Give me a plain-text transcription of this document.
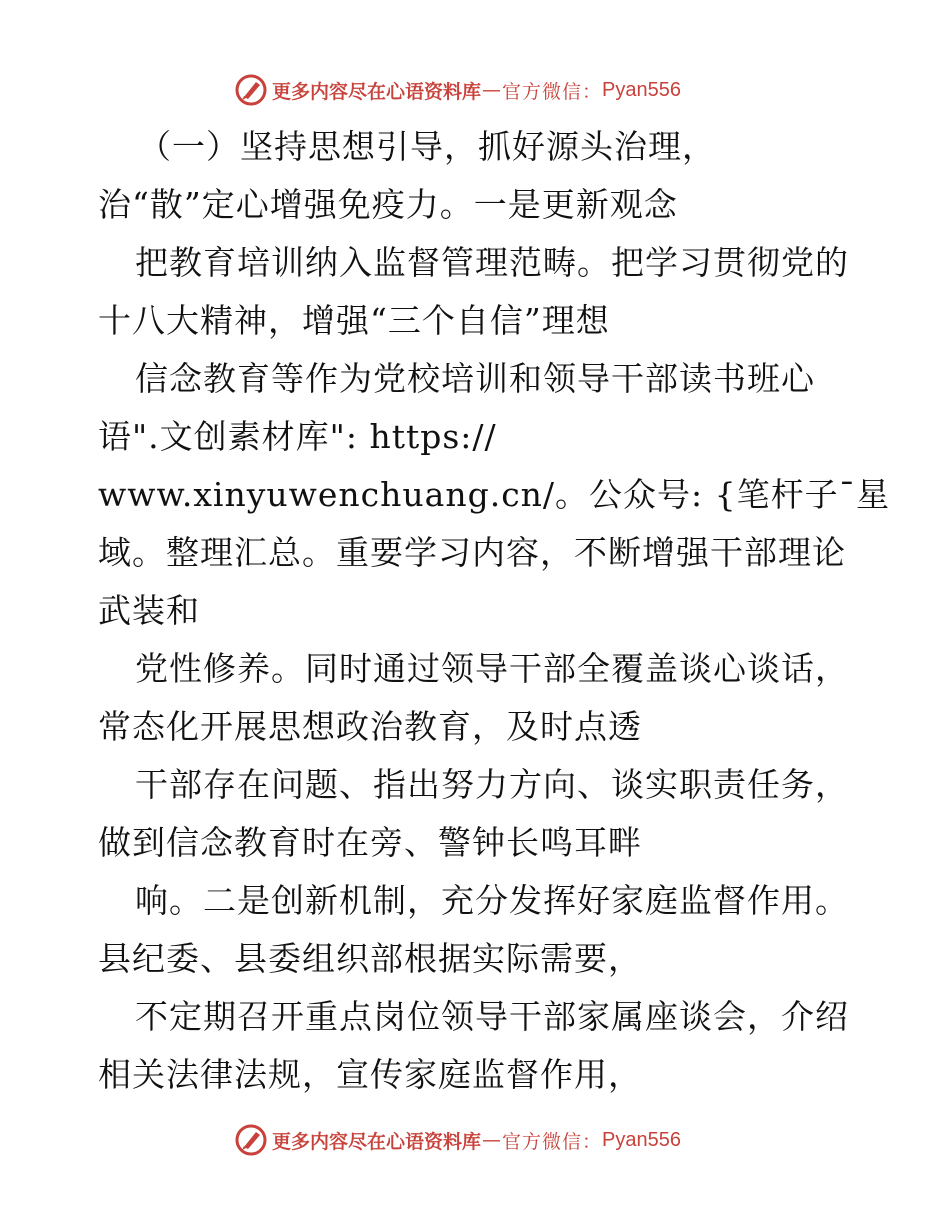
更多内容尽在心语资料库 — 官方微信： Pyan556
（一）坚持思想引导，抓好源头治理，
治“散”定心增强免疫力。一是更新观念
把教育培训纳入监督管理范畴。把学习贯彻党的
十八大精神，增强“三个自信”理想
信念教育等作为党校培训和领导干部读书班心
语".文创素材库": https://
www.xinyuwenchuang.cn/。公众号: {笔杆子¯星
域。整理汇总。重要学习内容，不断增强干部理论
武装和
党性修养。同时通过领导干部全覆盖谈心谈话，
常态化开展思想政治教育，及时点透
干部存在问题、指出努力方向、谈实职责任务，
做到信念教育时在旁、警钟长鸣耳畔
响。二是创新机制，充分发挥好家庭监督作用。
县纪委、县委组织部根据实际需要，
不定期召开重点岗位领导干部家属座谈会，介绍
相关法律法规，宣传家庭监督作用，
更多内容尽在心语资料库 — 官方微信： Pyan556
